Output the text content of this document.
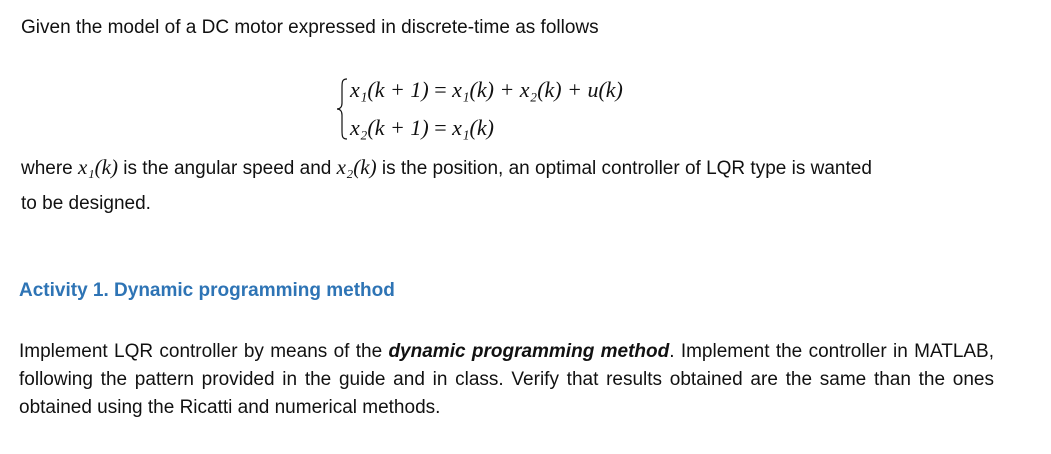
Given the model of a DC motor expressed in discrete-time as follows
x₁(k + 1) = x₁(k) + x₂(k) + u(k)
x₂(k + 1) = x₁(k)
where x₁(k) is the angular speed and x₂(k) is the position, an optimal controller of LQR type is wanted
to be designed.
Activity 1. Dynamic programming method
Implement LQR controller by means of the dynamic programming method. Implement the controller in MATLAB, following the pattern provided in the guide and in class. Verify that results obtained are the same than the ones obtained using the Ricatti and numerical methods.
